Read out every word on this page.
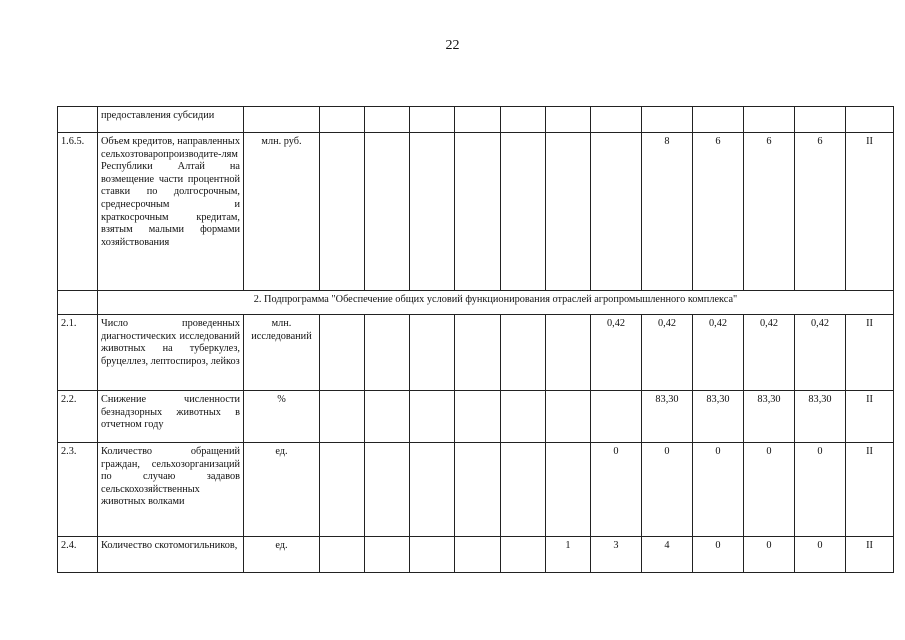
22
	предоставления субсидии													
1.6.5.	Объем кредитов, направленных сельхозтоваропроизводите-лям Республики Алтай на возмещение части процентной ставки по долгосрочным, среднесрочным и краткосрочным кредитам, взятым малыми формами хозяйствования	млн. руб.								8	6	6	6	II
	2. Подпрограмма "Обеспечение общих условий функционирования отраслей агропромышленного комплекса"													
2.1.	Число проведенных диагностических исследований животных на туберкулез, бруцеллез, лептоспироз, лейкоз	млн. исследований							0,42	0,42	0,42	0,42	0,42	II
2.2.	Снижение численности безнадзорных животных в отчетном году	%								83,30	83,30	83,30	83,30	II
2.3.	Количество обращений граждан, сельхозорганизаций по случаю задавов сельскохозяйственных животных волками	ед.							0	0	0	0	0	II
2.4.	Количество скотомогильников,	ед.						1	3	4	0	0	0	II
